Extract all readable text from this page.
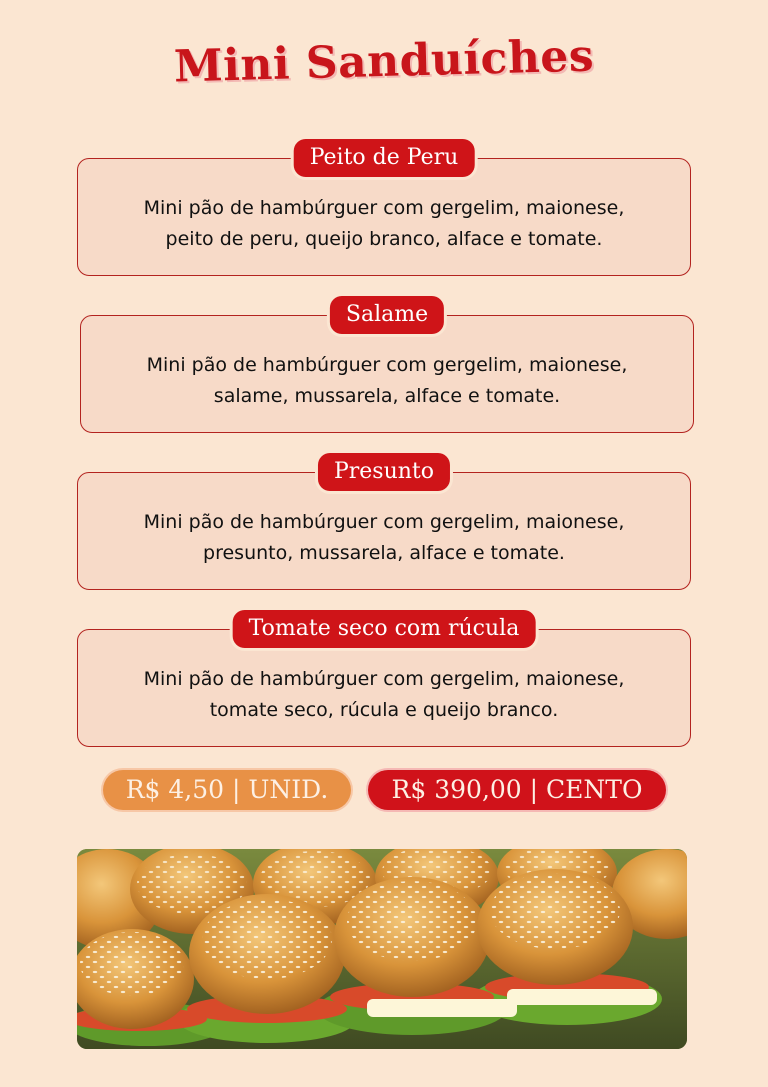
Mini Sanduíches
Peito de Peru
Mini pão de hambúrguer com gergelim, maionese,
peito de peru, queijo branco, alface e tomate.
Salame
Mini pão de hambúrguer com gergelim, maionese,
salame, mussarela, alface e tomate.
Presunto
Mini pão de hambúrguer com gergelim, maionese,
presunto, mussarela, alface e tomate.
Tomate seco com rúcula
Mini pão de hambúrguer com gergelim, maionese,
tomate seco, rúcula e queijo branco.
R$ 4,50 | UNID.	R$ 390,00 | CENTO
